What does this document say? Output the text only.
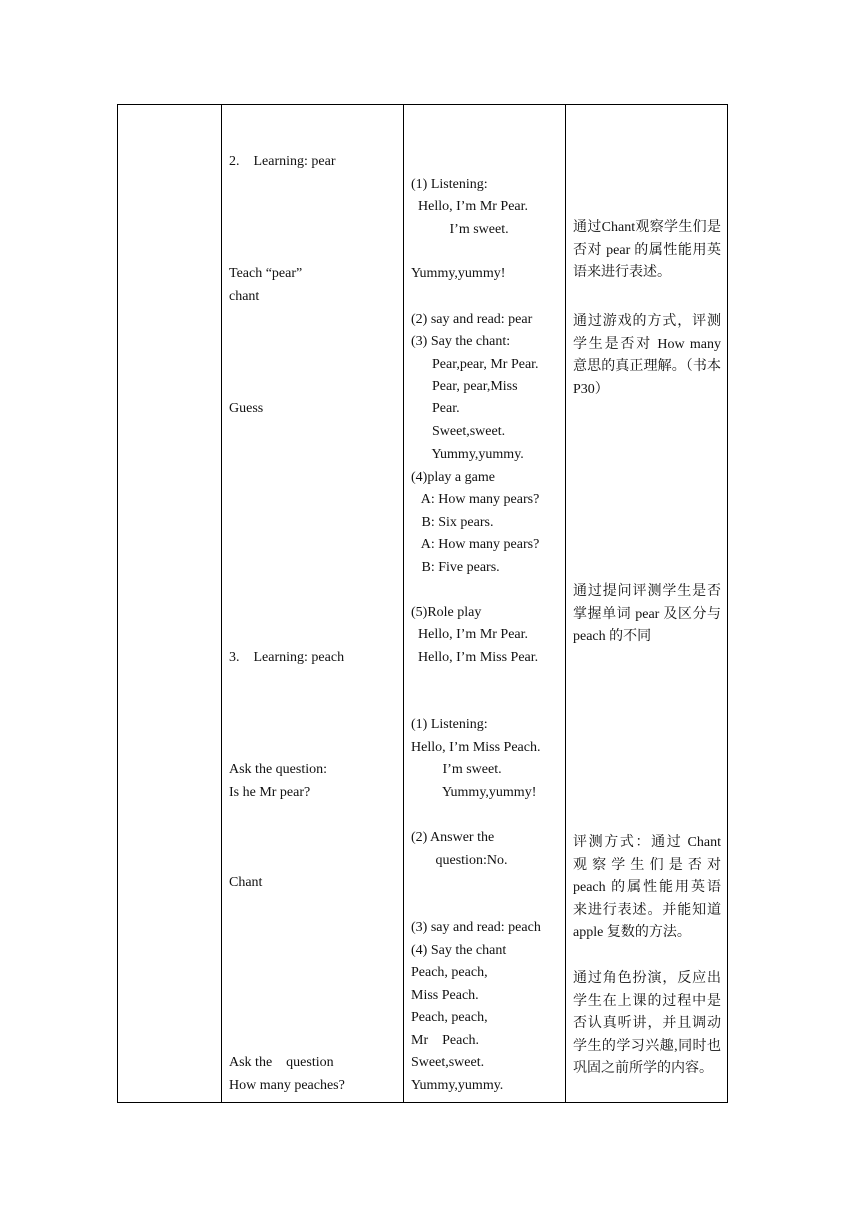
2.    Learning: pear
Teach “pear”
chant
Guess
3.    Learning: peach
Ask the question:
Is he Mr pear?
Chant
Ask the    question
How many peaches?
(1) Listening:
Hello, I’m Mr Pear.
I’m sweet.
Yummy,yummy!
(2) say and read: pear
(3) Say the chant:
Pear,pear, Mr Pear.
Pear, pear,Miss
Pear.
Sweet,sweet.
Yummy,yummy.
(4)play a game
A: How many pears?
B: Six pears.
A: How many pears?
B: Five pears.
(5)Role play
Hello, I’m Mr Pear.
Hello, I’m Miss Pear.
(1) Listening:
Hello, I’m Miss Peach.
I’m sweet.
Yummy,yummy!
(2) Answer the
question:No.
(3) say and read: peach
(4) Say the chant
Peach, peach,
Miss Peach.
Peach, peach,
Mr    Peach.
Sweet,sweet.
Yummy,yummy.

通过Chant观察学生们是否对 pear 的属性能用英语来进行表述。

通过游戏的方式，评测学生是否对 How many 意思的真正理解。（书本 P30）

通过提问评测学生是否掌握单词 pear 及区分与 peach 的不同

评测方式：通过 Chant 观察学生们是否对 peach 的属性能用英语来进行表述。并能知道 apple 复数的方法。

通过角色扮演，反应出学生在上课的过程中是否认真听讲，并且调动学生的学习兴趣,同时也巩固之前所学的内容。
